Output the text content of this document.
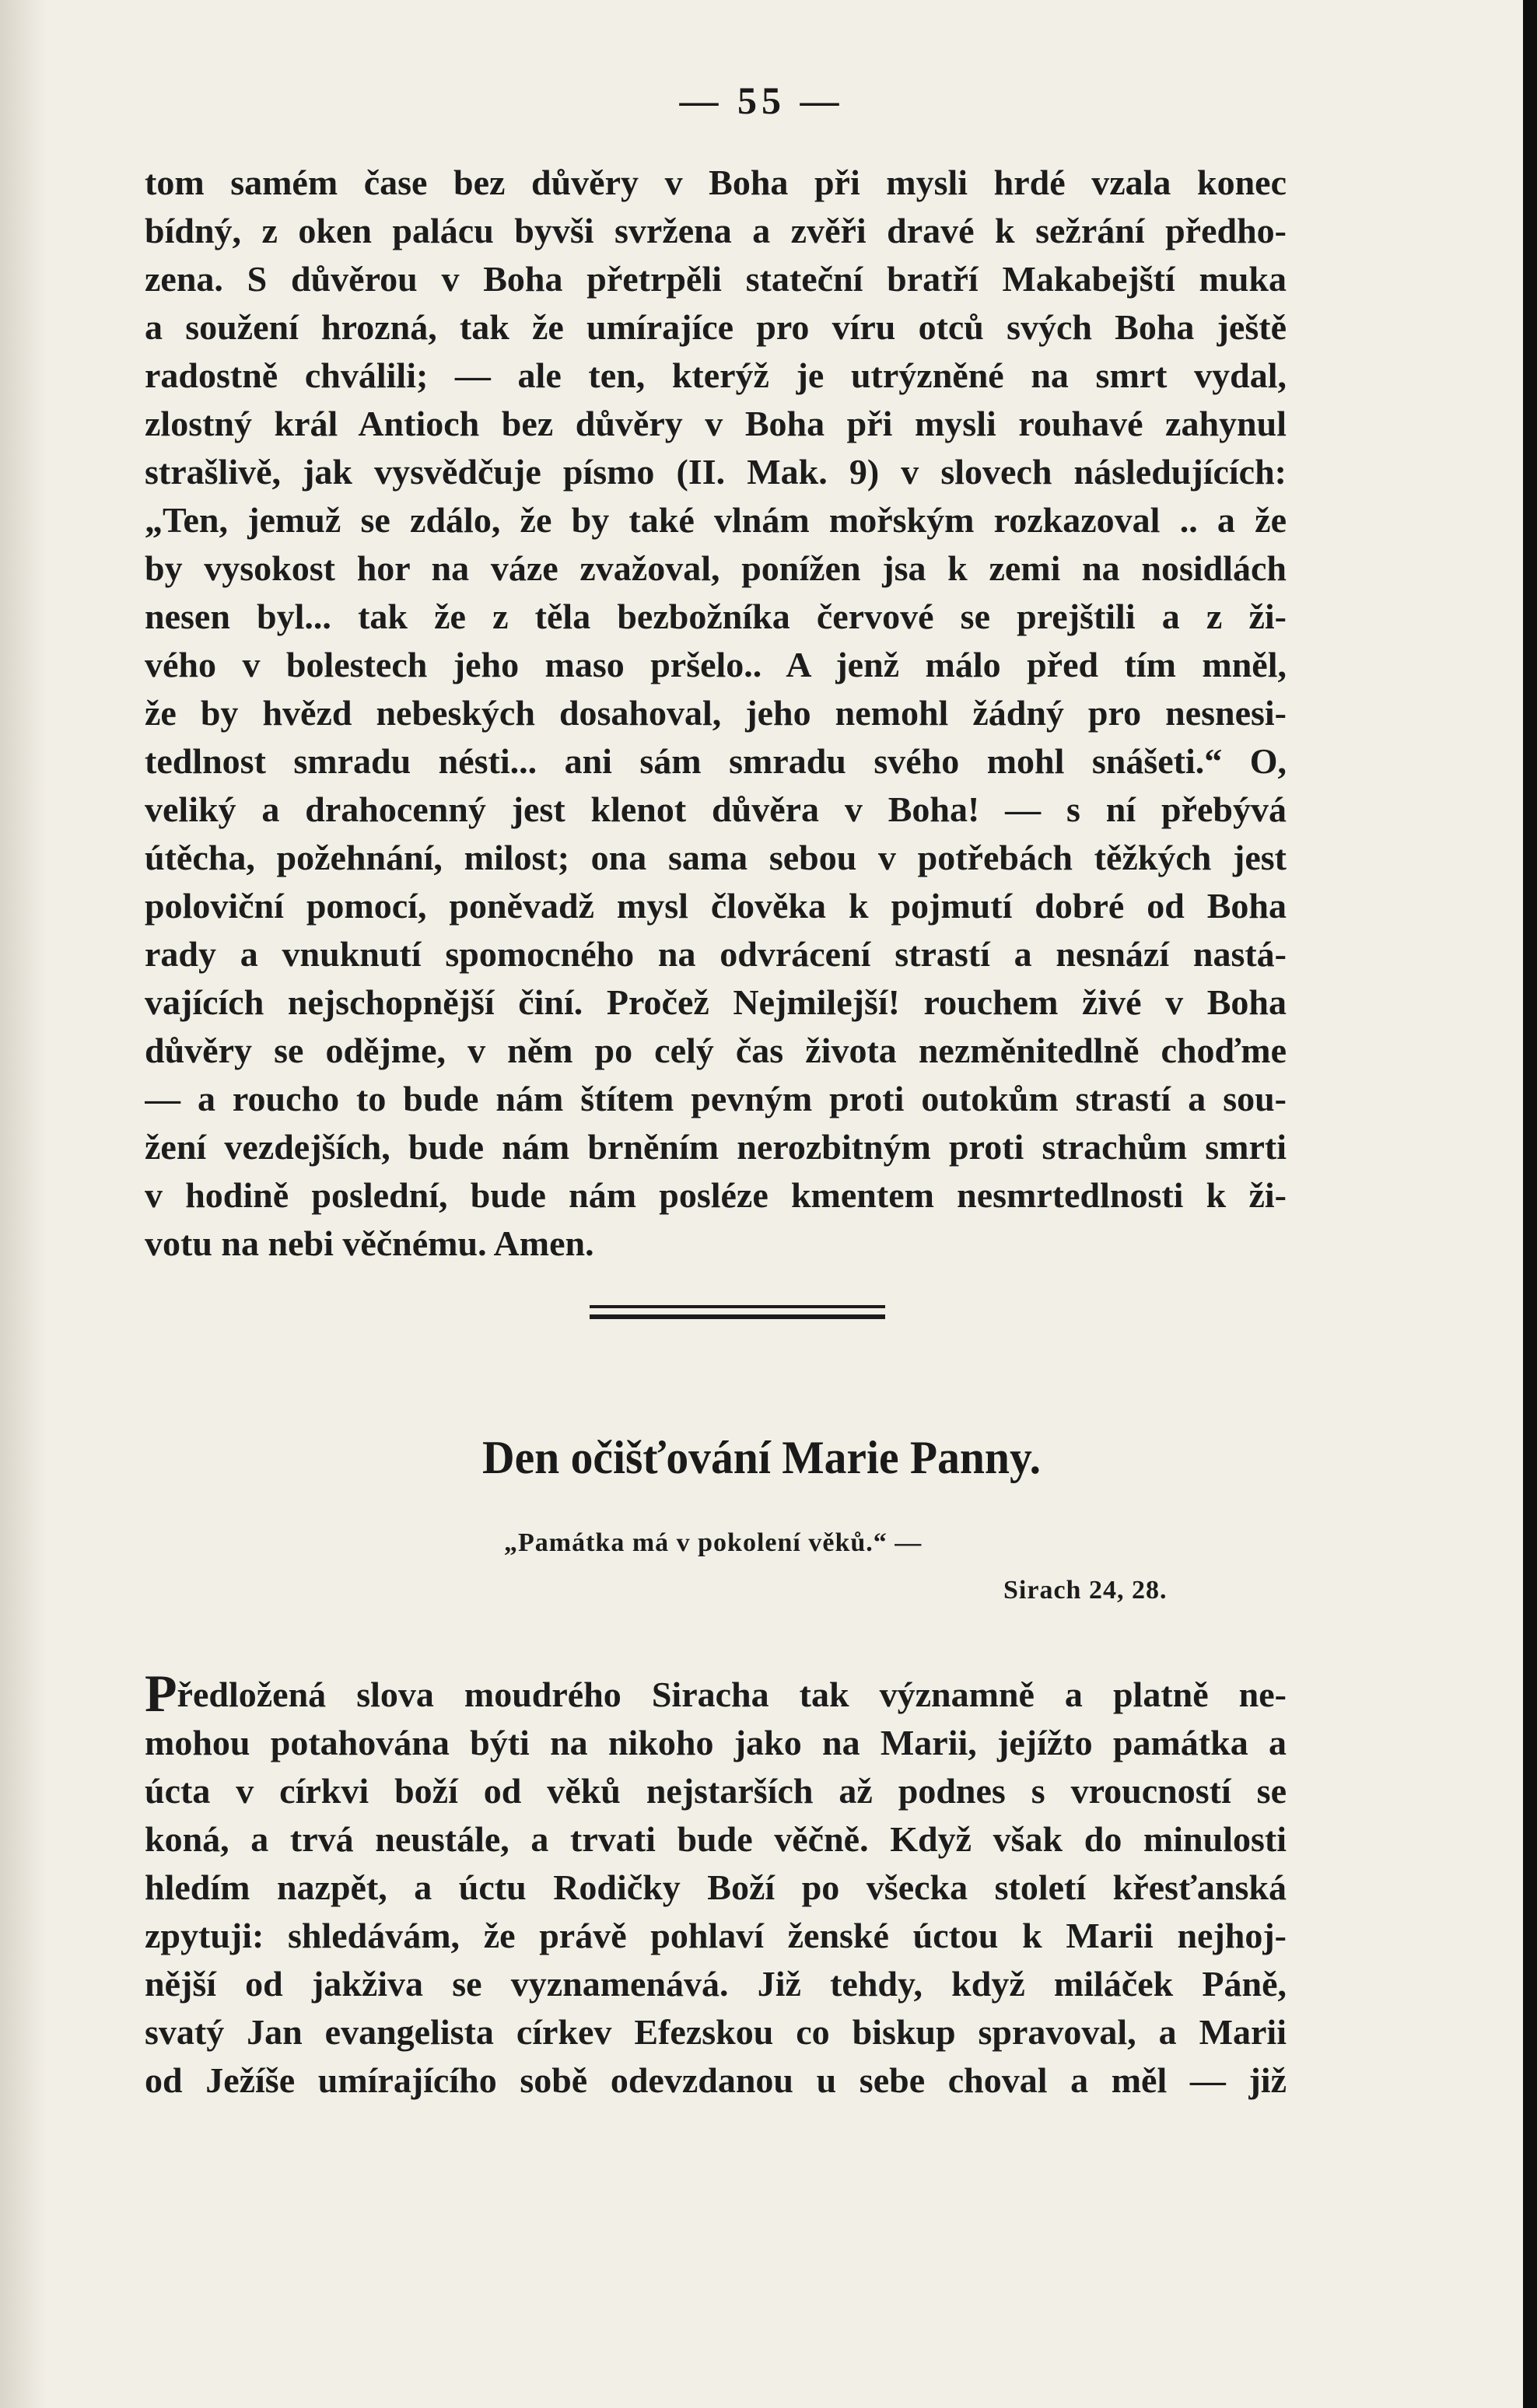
— 55 —
tom samém čase bez důvěry v Boha při mysli hrdé vzala konec
bídný, z oken palácu byvši svržena a zvěři dravé k sežrání předho-
zena. S důvěrou v Boha přetrpěli stateční bratří Makabejští muka
a soužení hrozná, tak že umírajíce pro víru otců svých Boha ještě
radostně chválili; — ale ten, kterýž je utrýzněné na smrt vydal,
zlostný král Antioch bez důvěry v Boha při mysli rouhavé zahynul
strašlivě, jak vysvědčuje písmo (II. Mak. 9) v slovech následujících:
„Ten, jemuž se zdálo, že by také vlnám mořským rozkazoval .. a že
by vysokost hor na váze zvažoval, ponížen jsa k zemi na nosidlách
nesen byl... tak že z těla bezbožníka červové se prejštili a z ži-
vého v bolestech jeho maso pršelo.. A jenž málo před tím mněl,
že by hvězd nebeských dosahoval, jeho nemohl žádný pro nesnesi-
tedlnost smradu nésti... ani sám smradu svého mohl snášeti.“ O,
veliký a drahocenný jest klenot důvěra v Boha! — s ní přebývá
útěcha, požehnání, milost; ona sama sebou v potřebách těžkých jest
poloviční pomocí, poněvadž mysl člověka k pojmutí dobré od Boha
rady a vnuknutí spomocného na odvrácení strastí a nesnází nastá-
vajících nejschopnější činí. Pročež Nejmilejší! rouchem živé v Boha
důvěry se odějme, v něm po celý čas života nezměnitedlně choďme
— a roucho to bude nám štítem pevným proti outokům strastí a sou-
žení vezdejších, bude nám brněním nerozbitným proti strachům smrti
v hodině poslední, bude nám posléze kmentem nesmrtedlnosti k ži-
votu na nebi věčnému. Amen.
Den očišťování Marie Panny.
„Památka má v pokolení věků.“ —
Sirach 24, 28.
Předložená slova moudrého Siracha tak významně a platně ne-
mohou potahována býti na nikoho jako na Marii, jejížto památka a
úcta v církvi boží od věků nejstarších až podnes s vroucností se
koná, a trvá neustále, a trvati bude věčně. Když však do minulosti
hledím nazpět, a úctu Rodičky Boží po všecka století křesťanská
zpytuji: shledávám, že právě pohlaví ženské úctou k Marii nejhoj-
nější od jakživa se vyznamenává. Již tehdy, když miláček Páně,
svatý Jan evangelista církev Efezskou co biskup spravoval, a Marii
od Ježíše umírajícího sobě odevzdanou u sebe choval a měl — již
